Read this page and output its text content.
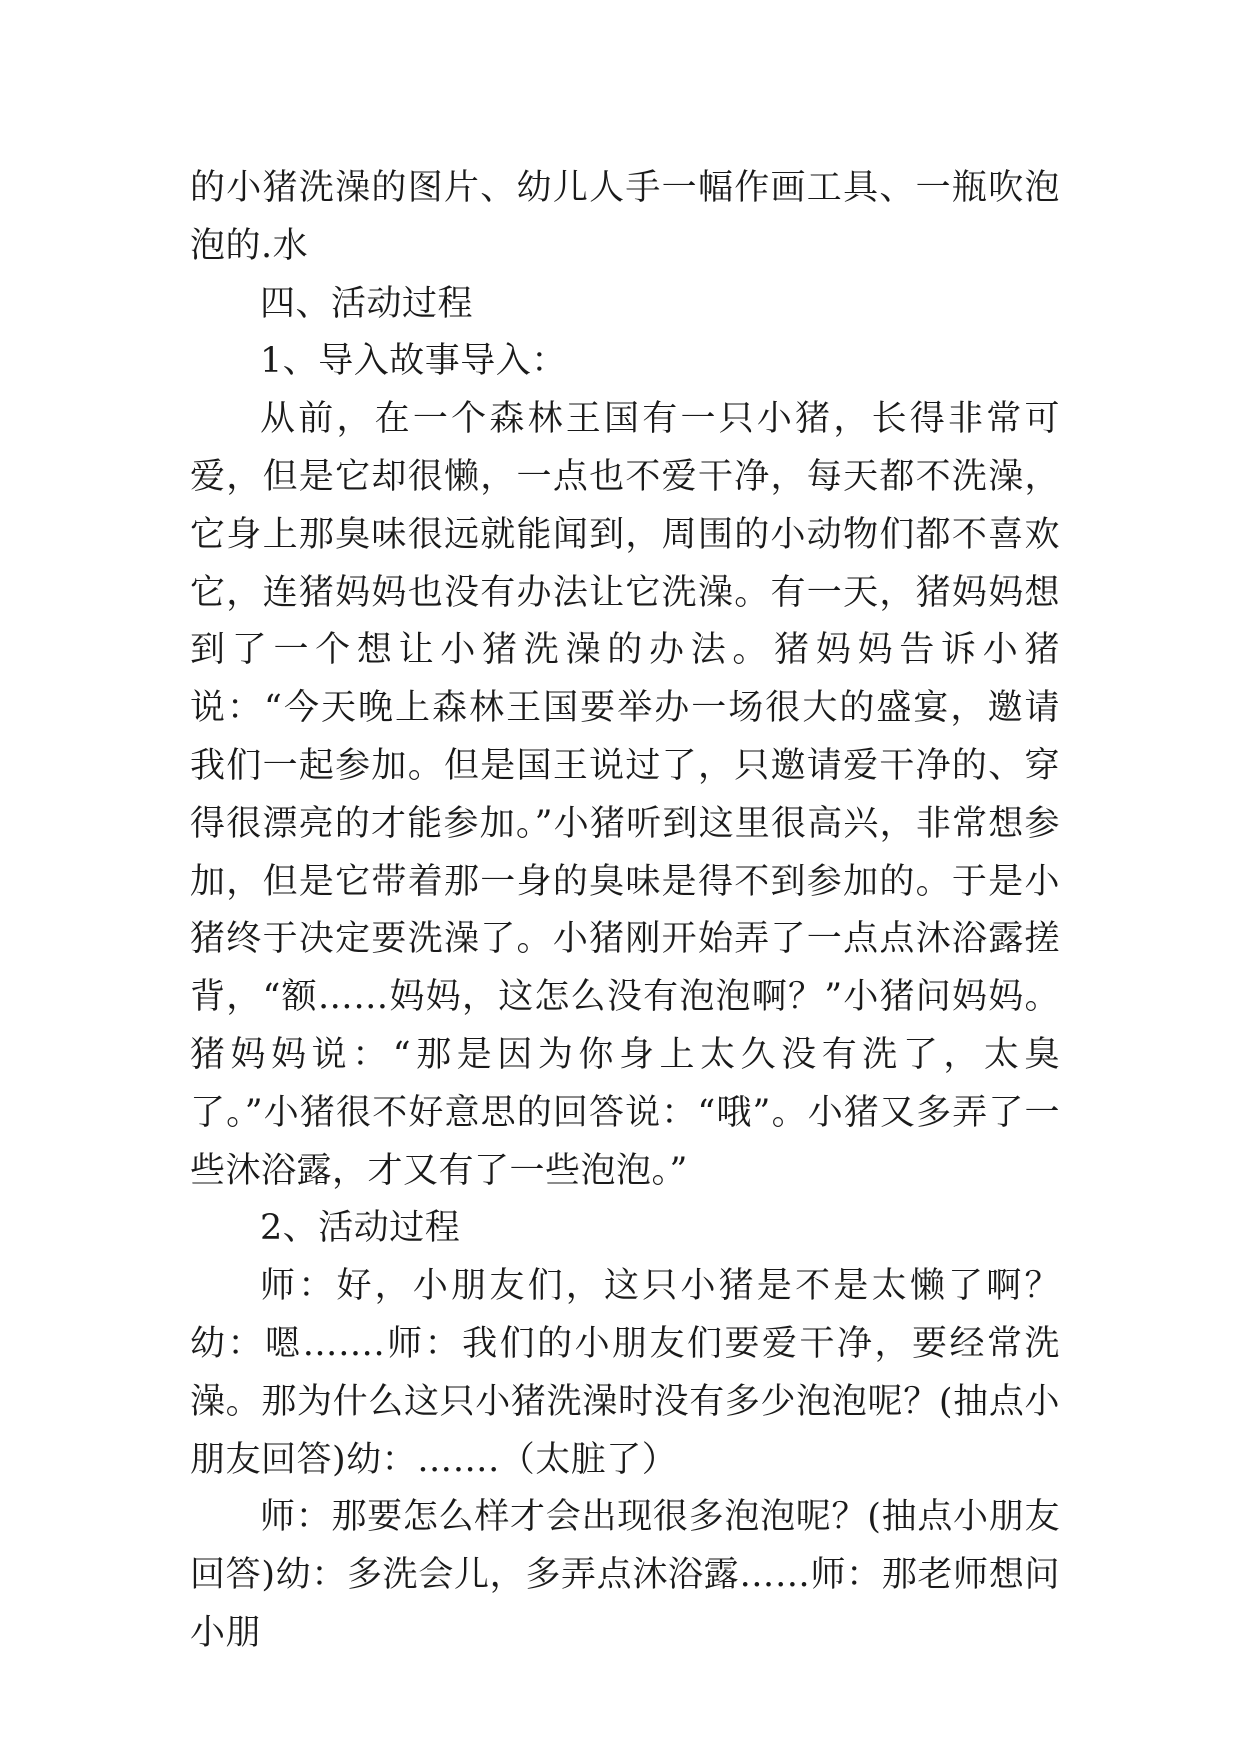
的小猪洗澡的图片、幼儿人手一幅作画工具、一瓶吹泡泡的.水

四、活动过程

1、导入故事导入：

从前，在一个森林王国有一只小猪，长得非常可爱，但是它却很懒，一点也不爱干净，每天都不洗澡，它身上那臭味很远就能闻到，周围的小动物们都不喜欢它，连猪妈妈也没有办法让它洗澡。有一天，猪妈妈想到了一个想让小猪洗澡的办法。猪妈妈告诉小猪说：“今天晚上森林王国要举办一场很大的盛宴，邀请我们一起参加。但是国王说过了，只邀请爱干净的、穿得很漂亮的才能参加。”小猪听到这里很高兴，非常想参加，但是它带着那一身的臭味是得不到参加的。于是小猪终于决定要洗澡了。小猪刚开始弄了一点点沐浴露搓背，“额……妈妈，这怎么没有泡泡啊？”小猪问妈妈。猪妈妈说：“那是因为你身上太久没有洗了，太臭了。”小猪很不好意思的回答说：“哦”。小猪又多弄了一些沐浴露，才又有了一些泡泡。”

2、活动过程

师：好，小朋友们，这只小猪是不是太懒了啊？幼：嗯…….师：我们的小朋友们要爱干净，要经常洗澡。那为什么这只小猪洗澡时没有多少泡泡呢？(抽点小朋友回答)幼：…….（太脏了）

师：那要怎么样才会出现很多泡泡呢？(抽点小朋友回答)幼：多洗会儿，多弄点沐浴露……师：那老师想问小朋
